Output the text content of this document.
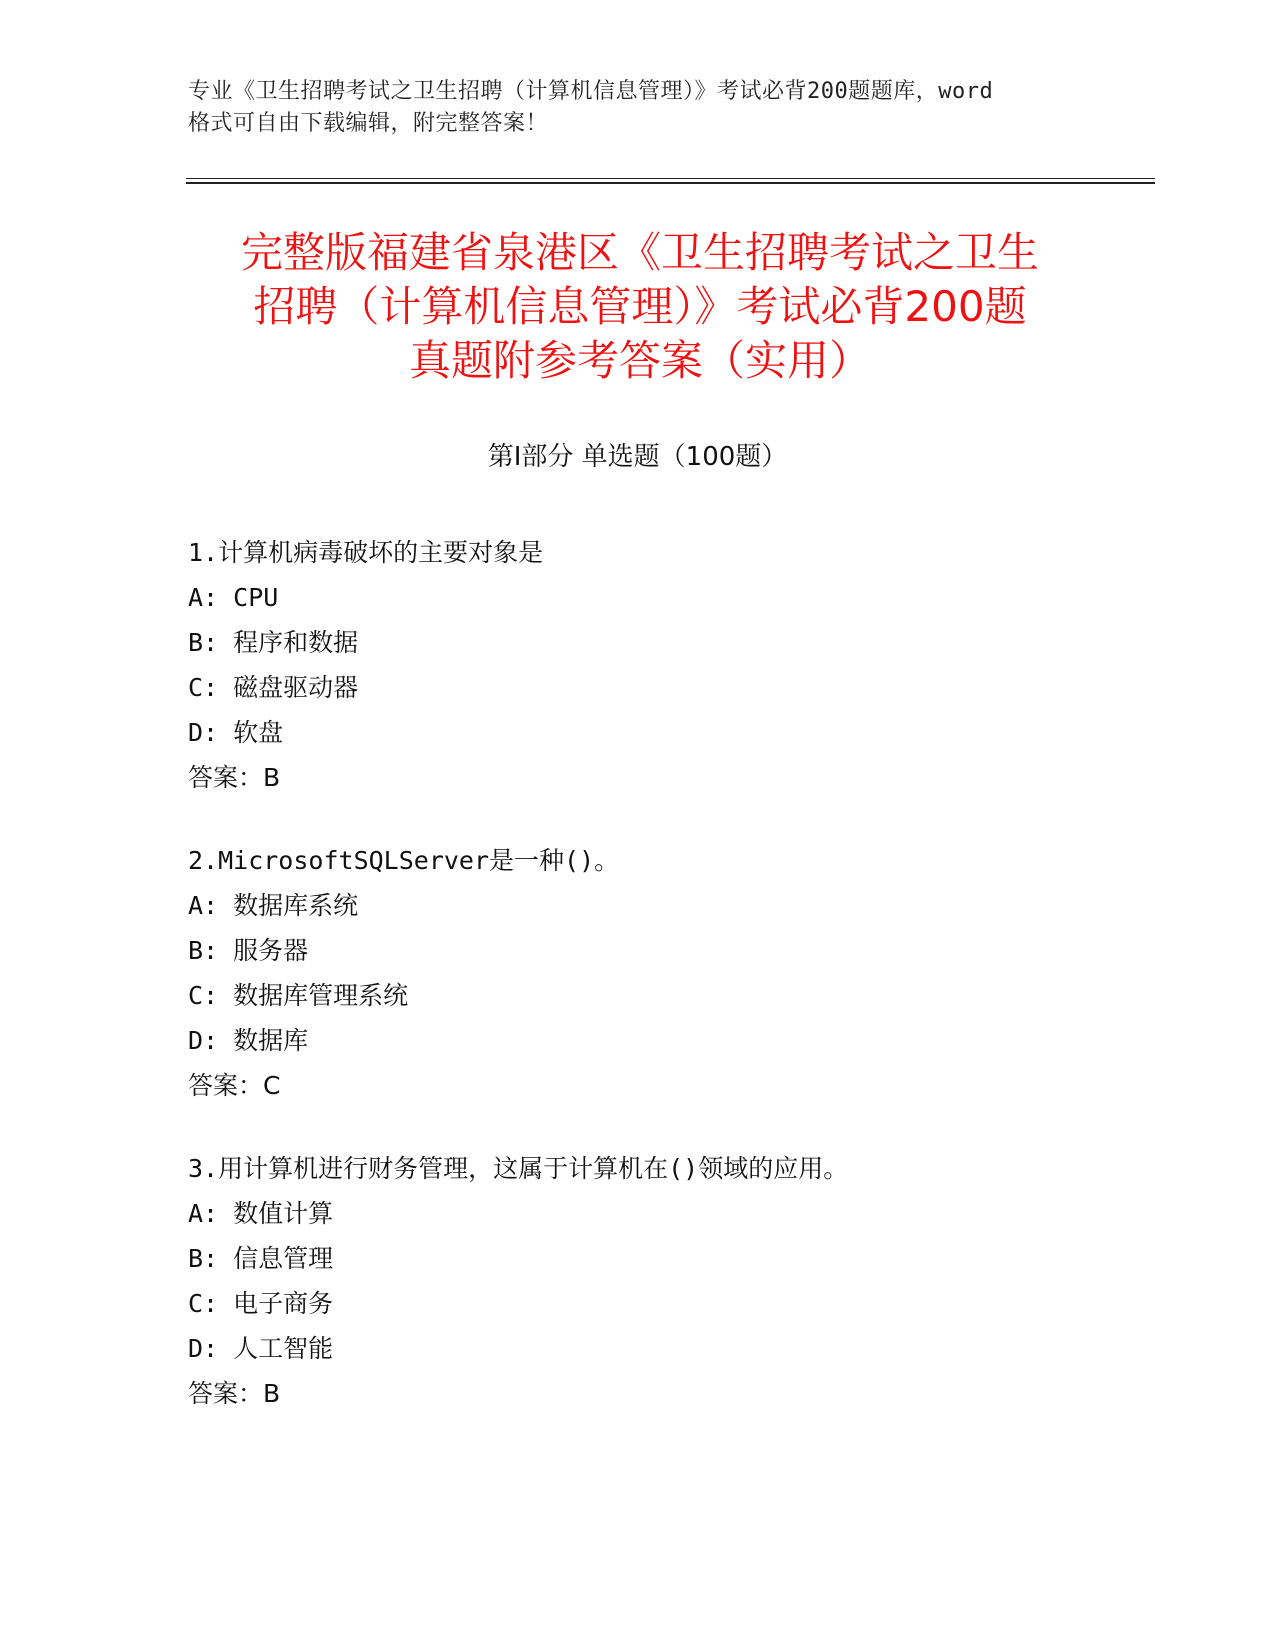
专业《卫生招聘考试之卫生招聘（计算机信息管理）》考试必背200题题库，word
格式可自由下载编辑，附完整答案！
完整版福建省泉港区《卫生招聘考试之卫生
招聘（计算机信息管理）》考试必背200题
真题附参考答案（实用）
第Ⅰ部分 单选题（100题）
1.计算机病毒破坏的主要对象是
A: CPU
B: 程序和数据
C: 磁盘驱动器
D: 软盘
答案：B
2.MicrosoftSQLServer是一种()。
A: 数据库系统
B: 服务器
C: 数据库管理系统
D: 数据库
答案：C
3.用计算机进行财务管理，这属于计算机在()领域的应用。
A: 数值计算
B: 信息管理
C: 电子商务
D: 人工智能
答案：B
